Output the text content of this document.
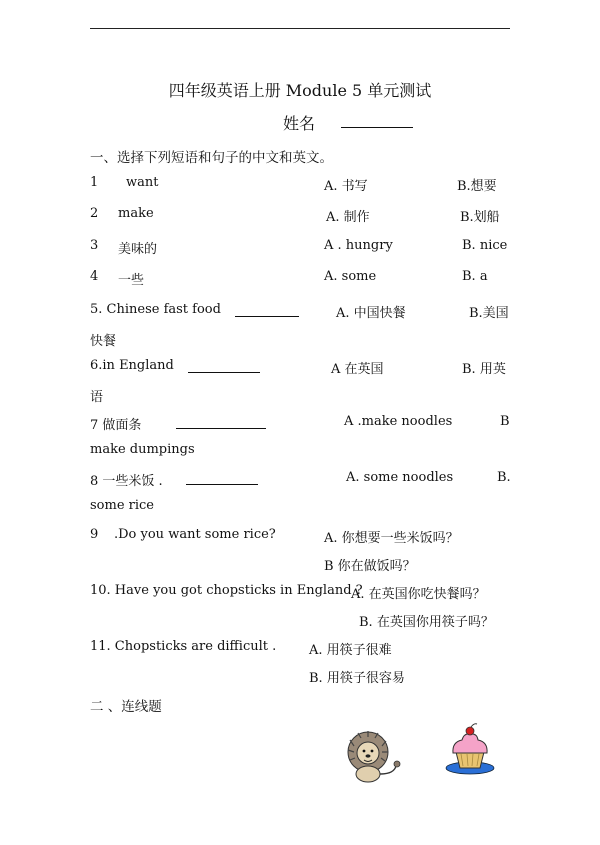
四年级英语上册 Module 5 单元测试
姓名
一、选择下列短语和句子的中文和英文。
1 want	A. 书写	B.想要
2 make	A. 制作	B.划船
3 美味的	A . hungry	B. nice
4 一些	A. some	B. a
5. Chinese fast food	A. 中国快餐	B.美国
快餐
6.in England	A 在英国	B. 用英
语
7 做面条	A .make noodles	B
make dumpings
8 一些米饭 .	A. some noodles	B.
some rice
9 .Do you want some rice?	A. 你想要一些米饭吗？
B 你在做饭吗？
10. Have you got chopsticks in England ?
A. 在英国你吃快餐吗？
B. 在英国你用筷子吗？
11. Chopsticks are difficult .	A. 用筷子很难
B. 用筷子很容易
二 、连线题
